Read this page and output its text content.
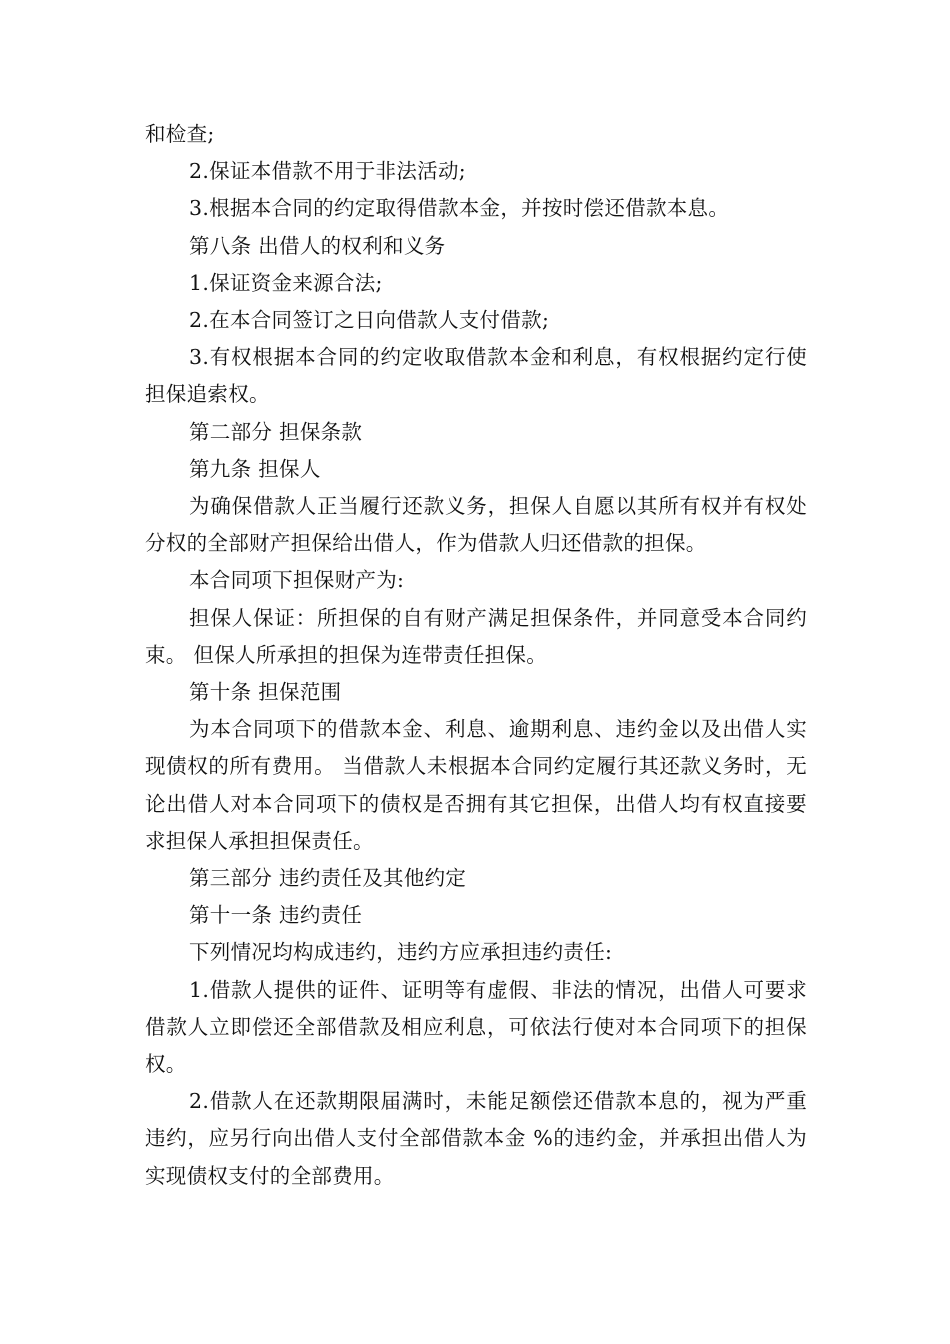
和检查;

2.保证本借款不用于非法活动;

3.根据本合同的约定取得借款本金，并按时偿还借款本息。

第八条 出借人的权利和义务

1.保证资金来源合法;

2.在本合同签订之日向借款人支付借款;

3.有权根据本合同的约定收取借款本金和利息，有权根据约定行使担保追索权。

第二部分 担保条款

第九条 担保人

为确保借款人正当履行还款义务，担保人自愿以其所有权并有权处分权的全部财产担保给出借人，作为借款人归还借款的担保。

本合同项下担保财产为:

担保人保证：所担保的自有财产满足担保条件，并同意受本合同约束。 但保人所承担的担保为连带责任担保。

第十条 担保范围

为本合同项下的借款本金、利息、逾期利息、违约金以及出借人实现债权的所有费用。 当借款人未根据本合同约定履行其还款义务时，无论出借人对本合同项下的债权是否拥有其它担保，出借人均有权直接要求担保人承担担保责任。

第三部分 违约责任及其他约定

第十一条 违约责任

下列情况均构成违约，违约方应承担违约责任:

1.借款人提供的证件、证明等有虚假、非法的情况，出借人可要求借款人立即偿还全部借款及相应利息，可依法行使对本合同项下的担保权。

2.借款人在还款期限届满时，未能足额偿还借款本息的，视为严重违约，应另行向出借人支付全部借款本金 %的违约金，并承担出借人为实现债权支付的全部费用。
